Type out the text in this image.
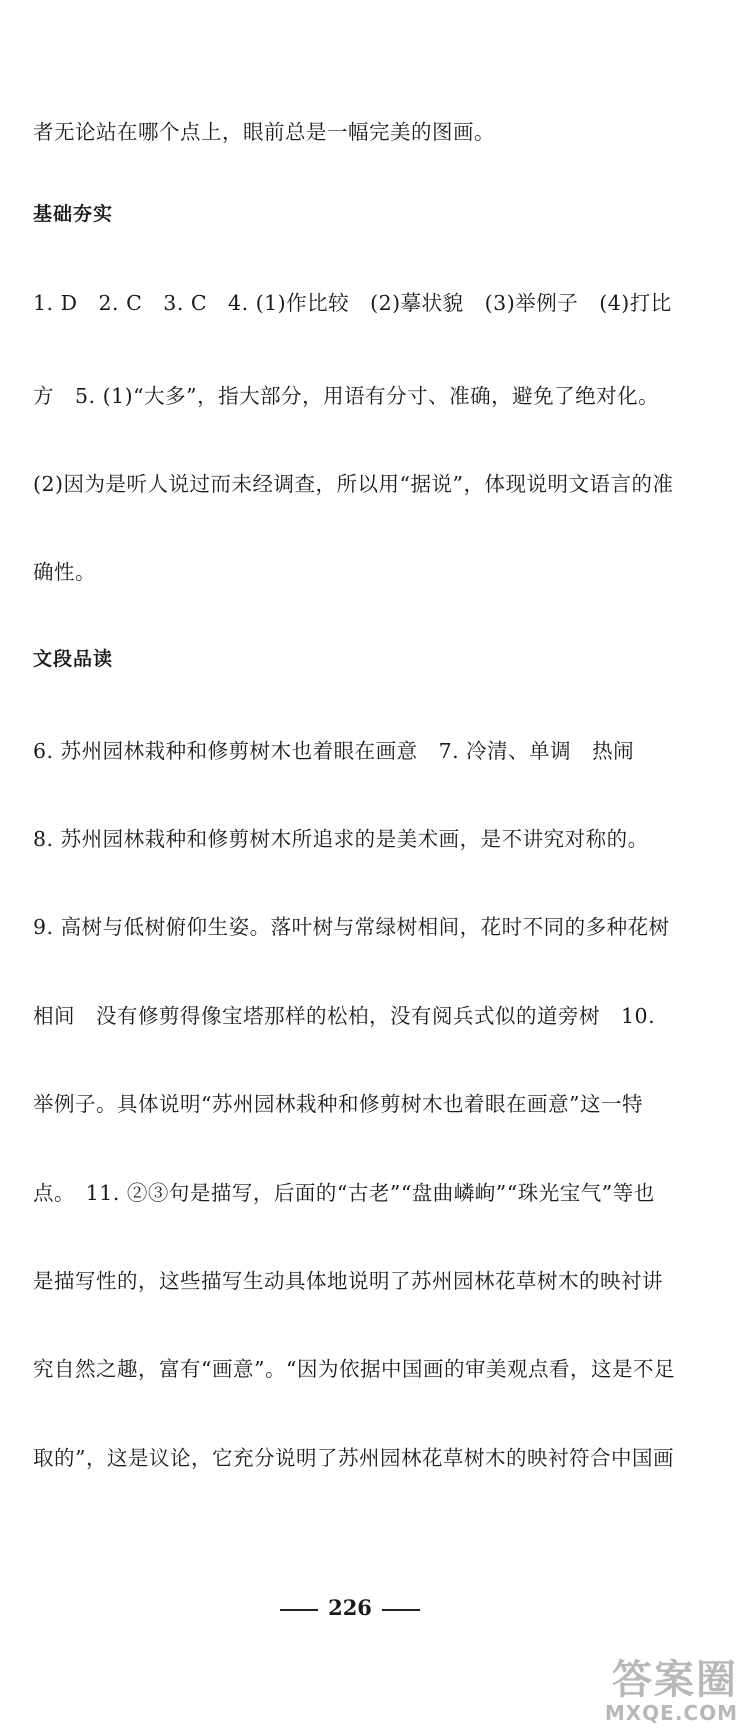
者无论站在哪个点上，眼前总是一幅完美的图画。
基础夯实
1. D　2. C　3. C　4. (1)作比较　(2)摹状貌　(3)举例子　(4)打比
方　5. (1)“大多”，指大部分，用语有分寸、准确，避免了绝对化。
(2)因为是听人说过而未经调查，所以用“据说”，体现说明文语言的准
确性。
文段品读
6. 苏州园林栽种和修剪树木也着眼在画意　7. 冷清、单调　热闹
8. 苏州园林栽种和修剪树木所追求的是美术画，是不讲究对称的。
9. 高树与低树俯仰生姿。落叶树与常绿树相间，花时不同的多种花树
相间　没有修剪得像宝塔那样的松柏，没有阅兵式似的道旁树　10.
举例子。具体说明“苏州园林栽种和修剪树木也着眼在画意”这一特
点。　11. ②③句是描写，后面的“古老”“盘曲嶙峋”“珠光宝气”等也
是描写性的，这些描写生动具体地说明了苏州园林花草树木的映衬讲
究自然之趣，富有“画意”。“因为依据中国画的审美观点看，这是不足
取的”，这是议论，它充分说明了苏州园林花草树木的映衬符合中国画
226
答案圈
MXQE.COM
